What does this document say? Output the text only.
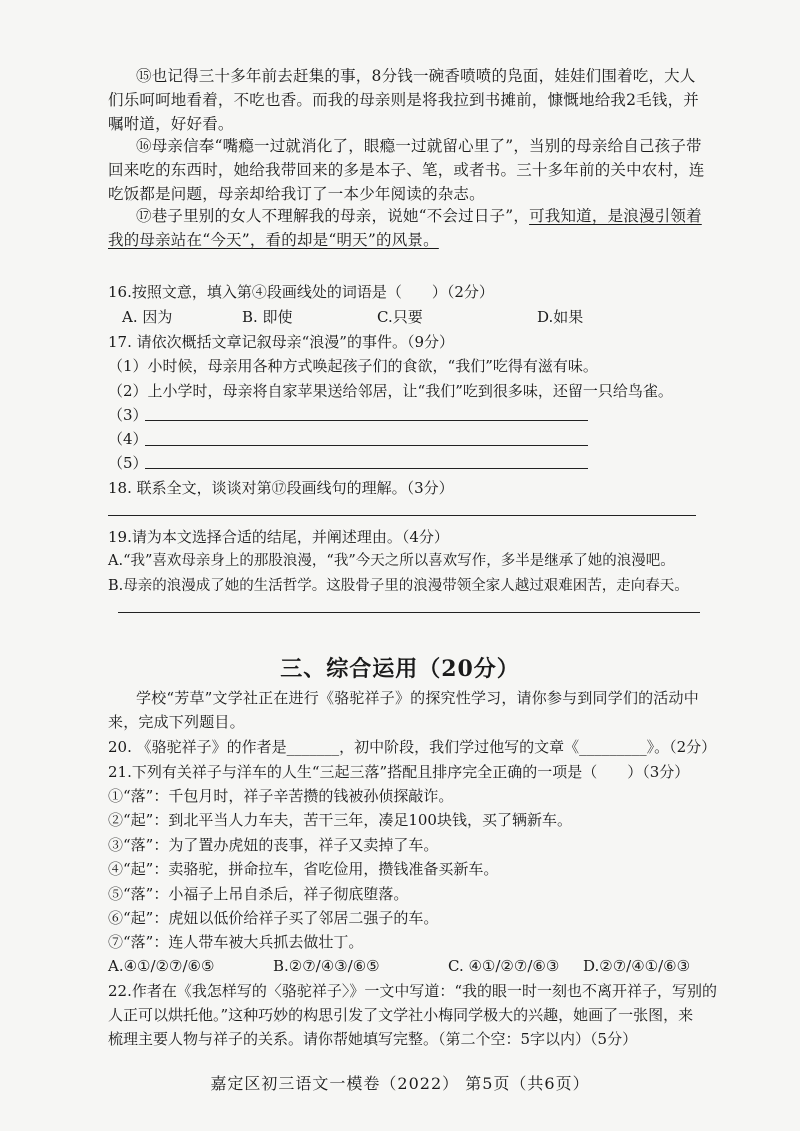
⑮也记得三十多年前去赶集的事，8分钱一碗香喷喷的凫面，娃娃们围着吃，大人们乐呵呵地看着，不吃也香。而我的母亲则是将我拉到书摊前，慷慨地给我2毛钱，并嘱咐道，好好看。
⑯母亲信奉“嘴瘾一过就消化了，眼瘾一过就留心里了”，当别的母亲给自己孩子带回来吃的东西时，她给我带回来的多是本子、笔，或者书。三十多年前的关中农村，连吃饭都是问题，母亲却给我订了一本少年阅读的杂志。
⑰巷子里别的女人不理解我的母亲，说她“不会过日子”，可我知道，是浪漫引领着我的母亲站在“今天”，看的却是“明天”的风景。
16.按照文意，填入第④段画线处的词语是（　　）（2分）
A. 因为	B. 即使	C.只要	D.如果
17. 请依次概括文章记叙母亲“浪漫”的事件。（9分）
（1）小时候，母亲用各种方式唤起孩子们的食欲，“我们”吃得有滋有味。
（2）上小学时，母亲将自家苹果送给邻居，让“我们”吃到很多味，还留一只给鸟雀。
（3）
（4）
（5）
18. 联系全文，谈谈对第⑰段画线句的理解。（3分）
19.请为本文选择合适的结尾，并阐述理由。（4分）
A.“我”喜欢母亲身上的那股浪漫，“我”今天之所以喜欢写作，多半是继承了她的浪漫吧。
B.母亲的浪漫成了她的生活哲学。这股骨子里的浪漫带领全家人越过艰难困苦，走向春天。
三、综合运用（20分）
学校“芳草”文学社正在进行《骆驼祥子》的探究性学习，请你参与到同学们的活动中来，完成下列题目。
20. 《骆驼祥子》的作者是_______，初中阶段，我们学过他写的文章《_________》。（2分）
21.下列有关祥子与洋车的人生“三起三落”搭配且排序完全正确的一项是（　　）（3分）
①“落”：千包月时，祥子辛苦攒的钱被孙侦探敲诈。
②“起”：到北平当人力车夫，苦干三年，凑足100块钱，买了辆新车。
③“落”：为了置办虎妞的丧事，祥子又卖掉了车。
④“起”：卖骆驼，拼命拉车，省吃俭用，攒钱准备买新车。
⑤“落”：小福子上吊自杀后，祥子彻底堕落。
⑥“起”：虎妞以低价给祥子买了邻居二强子的车。
⑦“落”：连人带车被大兵抓去做壮丁。
A.④①/②⑦/⑥⑤	B.②⑦/④③/⑥⑤	C. ④①/②⑦/⑥③ D.②⑦/④①/⑥③
22.作者在《我怎样写的〈骆驼祥子〉》一文中写道：“我的眼一时一刻也不离开祥子，写别的
人正可以烘托他。”这种巧妙的构思引发了文学社小梅同学极大的兴趣，她画了一张图，来
梳理主要人物与祥子的关系。请你帮她填写完整。（第二个空：5字以内）（5分）
嘉定区初三语文一模卷（2022） 第5页（共6页）
